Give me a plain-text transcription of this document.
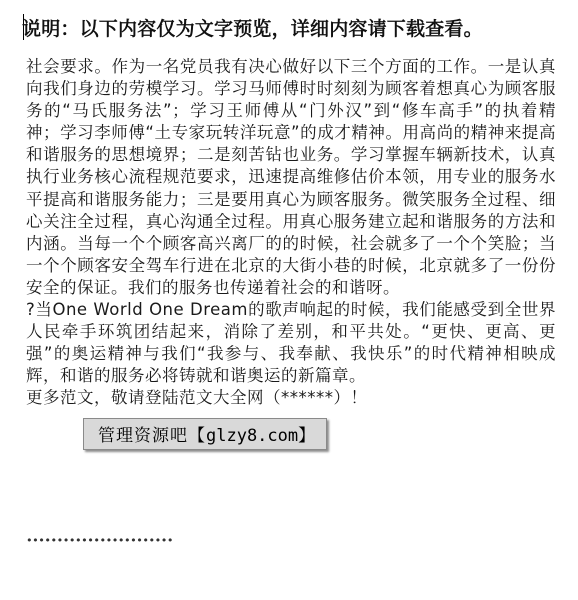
说明：以下内容仅为文字预览，详细内容请下载查看。

社会要求。作为一名党员我有决心做好以下三个方面的工作。一是认真向我们身边的劳模学习。学习马师傅时时刻刻为顾客着想真心为顾客服务的“马氏服务法”；学习王师傅从“门外汉”到“修车高手”的执着精神；学习李师傅“土专家玩转洋玩意”的成才精神。用高尚的精神来提高和谐服务的思想境界；二是刻苦钻也业务。学习掌握车辆新技术，认真执行业务核心流程规范要求，迅速提高维修估价本领，用专业的服务水平提高和谐服务能力；三是要用真心为顾客服务。微笑服务全过程、细心关注全过程，真心沟通全过程。用真心服务建立起和谐服务的方法和内涵。当每一个个顾客高兴离厂的的时候，社会就多了一个个笑脸；当一个个顾客安全驾车行进在北京的大街小巷的时候，北京就多了一份份安全的保证。我们的服务也传递着社会的和谐呀。

?当One World One Dream的歌声响起的时候，我们能感受到全世界人民牵手环筑团结起来，消除了差别，和平共处。“更快、更高、更强”的奥运精神与我们“我参与、我奉献、我快乐”的时代精神相映成辉，和谐的服务必将铸就和谐奥运的新篇章。

更多范文，敬请登陆范文大全网（******）！

••••••••••••••••••••••••
管理资源吧【glzy8.com】
